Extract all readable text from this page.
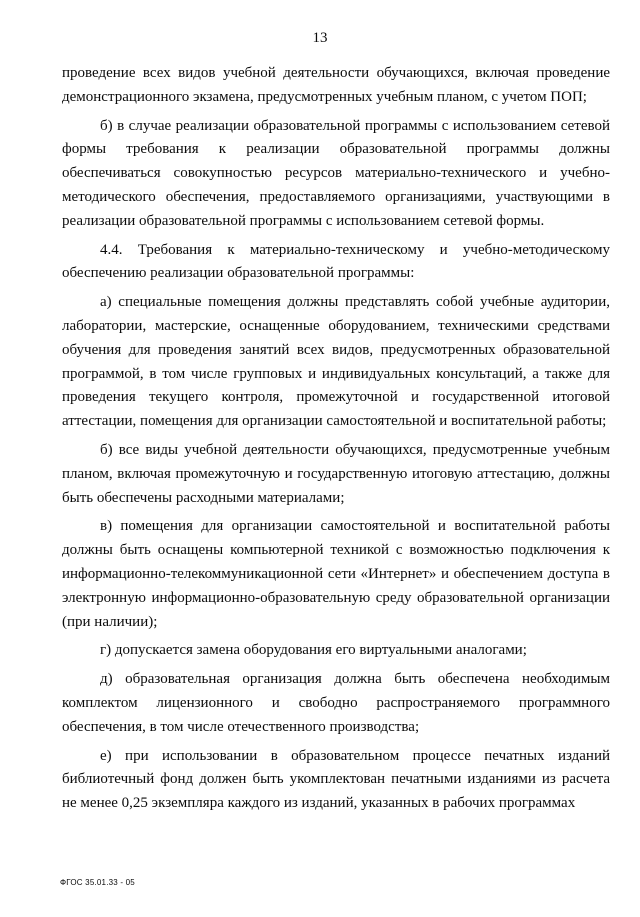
13

проведение всех видов учебной деятельности обучающихся, включая проведение демонстрационного экзамена, предусмотренных учебным планом, с учетом ПОП;

б) в случае реализации образовательной программы с использованием сетевой формы требования к реализации образовательной программы должны обеспечиваться совокупностью ресурсов материально-технического и учебно-методического обеспечения, предоставляемого организациями, участвующими в реализации образовательной программы с использованием сетевой формы.

4.4. Требования к материально-техническому и учебно-методическому обеспечению реализации образовательной программы:

а) специальные помещения должны представлять собой учебные аудитории, лаборатории, мастерские, оснащенные оборудованием, техническими средствами обучения для проведения занятий всех видов, предусмотренных образовательной программой, в том числе групповых и индивидуальных консультаций, а также для проведения текущего контроля, промежуточной и государственной итоговой аттестации, помещения для организации самостоятельной и воспитательной работы;

б) все виды учебной деятельности обучающихся, предусмотренные учебным планом, включая промежуточную и государственную итоговую аттестацию, должны быть обеспечены расходными материалами;

в) помещения для организации самостоятельной и воспитательной работы должны быть оснащены компьютерной техникой с возможностью подключения к информационно-телекоммуникационной сети «Интернет» и обеспечением доступа в электронную информационно-образовательную среду образовательной организации (при наличии);

г) допускается замена оборудования его виртуальными аналогами;

д) образовательная организация должна быть обеспечена необходимым комплектом лицензионного и свободно распространяемого программного обеспечения, в том числе отечественного производства;

е) при использовании в образовательном процессе печатных изданий библиотечный фонд должен быть укомплектован печатными изданиями из расчета не менее 0,25 экземпляра каждого из изданий, указанных в рабочих программах

ФГОС 35.01.33 - 05
